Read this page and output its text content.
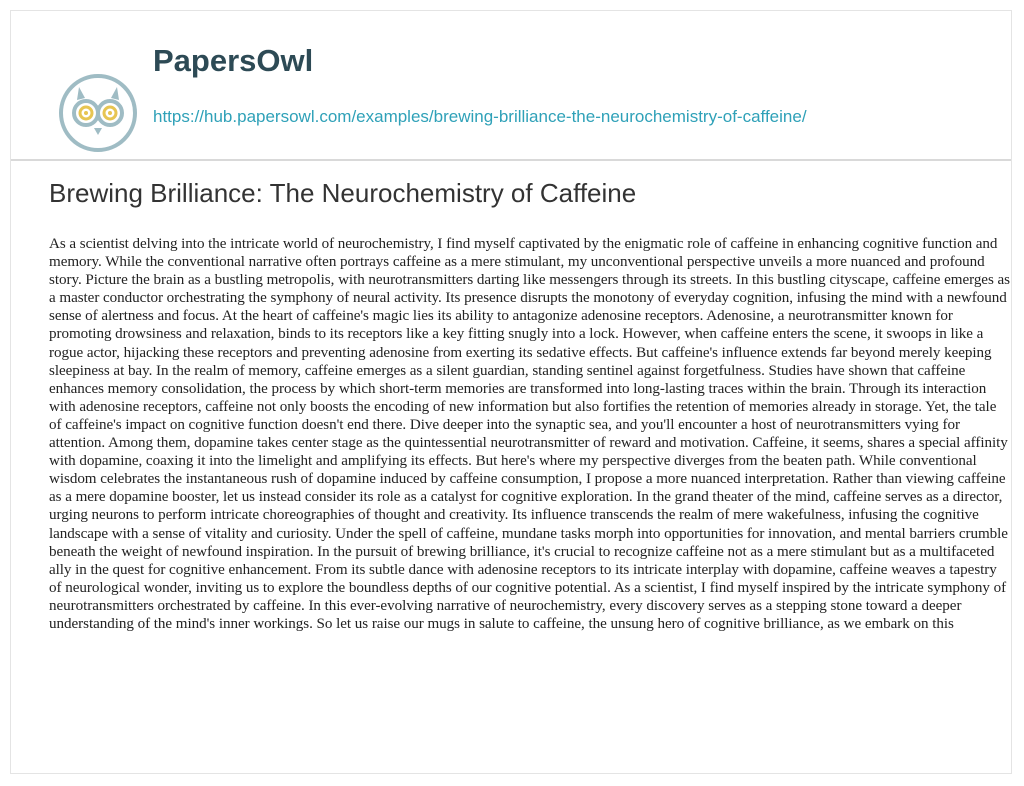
PapersOwl
https://hub.papersowl.com/examples/brewing-brilliance-the-neurochemistry-of-caffeine/
Brewing Brilliance: The Neurochemistry of Caffeine

As a scientist delving into the intricate world of neurochemistry, I find myself captivated by the enigmatic role of caffeine in enhancing cognitive function and memory. While the conventional narrative often portrays caffeine as a mere stimulant, my unconventional perspective unveils a more nuanced and profound story. Picture the brain as a bustling metropolis, with neurotransmitters darting like messengers through its streets. In this bustling cityscape, caffeine emerges as a master conductor orchestrating the symphony of neural activity. Its presence disrupts the monotony of everyday cognition, infusing the mind with a newfound sense of alertness and focus. At the heart of caffeine's magic lies its ability to antagonize adenosine receptors. Adenosine, a neurotransmitter known for promoting drowsiness and relaxation, binds to its receptors like a key fitting snugly into a lock. However, when caffeine enters the scene, it swoops in like a rogue actor, hijacking these receptors and preventing adenosine from exerting its sedative effects. But caffeine's influence extends far beyond merely keeping sleepiness at bay. In the realm of memory, caffeine emerges as a silent guardian, standing sentinel against forgetfulness. Studies have shown that caffeine enhances memory consolidation, the process by which short-term memories are transformed into long-lasting traces within the brain. Through its interaction with adenosine receptors, caffeine not only boosts the encoding of new information but also fortifies the retention of memories already in storage. Yet, the tale of caffeine's impact on cognitive function doesn't end there. Dive deeper into the synaptic sea, and you'll encounter a host of neurotransmitters vying for attention. Among them, dopamine takes center stage as the quintessential neurotransmitter of reward and motivation. Caffeine, it seems, shares a special affinity with dopamine, coaxing it into the limelight and amplifying its effects. But here's where my perspective diverges from the beaten path. While conventional wisdom celebrates the instantaneous rush of dopamine induced by caffeine consumption, I propose a more nuanced interpretation. Rather than viewing caffeine as a mere dopamine booster, let us instead consider its role as a catalyst for cognitive exploration. In the grand theater of the mind, caffeine serves as a director, urging neurons to perform intricate choreographies of thought and creativity. Its influence transcends the realm of mere wakefulness, infusing the cognitive landscape with a sense of vitality and curiosity. Under the spell of caffeine, mundane tasks morph into opportunities for innovation, and mental barriers crumble beneath the weight of newfound inspiration. In the pursuit of brewing brilliance, it's crucial to recognize caffeine not as a mere stimulant but as a multifaceted ally in the quest for cognitive enhancement. From its subtle dance with adenosine receptors to its intricate interplay with dopamine, caffeine weaves a tapestry of neurological wonder, inviting us to explore the boundless depths of our cognitive potential. As a scientist, I find myself inspired by the intricate symphony of neurotransmitters orchestrated by caffeine. In this ever-evolving narrative of neurochemistry, every discovery serves as a stepping stone toward a deeper understanding of the mind's inner workings. So let us raise our mugs in salute to caffeine, the unsung hero of cognitive brilliance, as we embark on this
